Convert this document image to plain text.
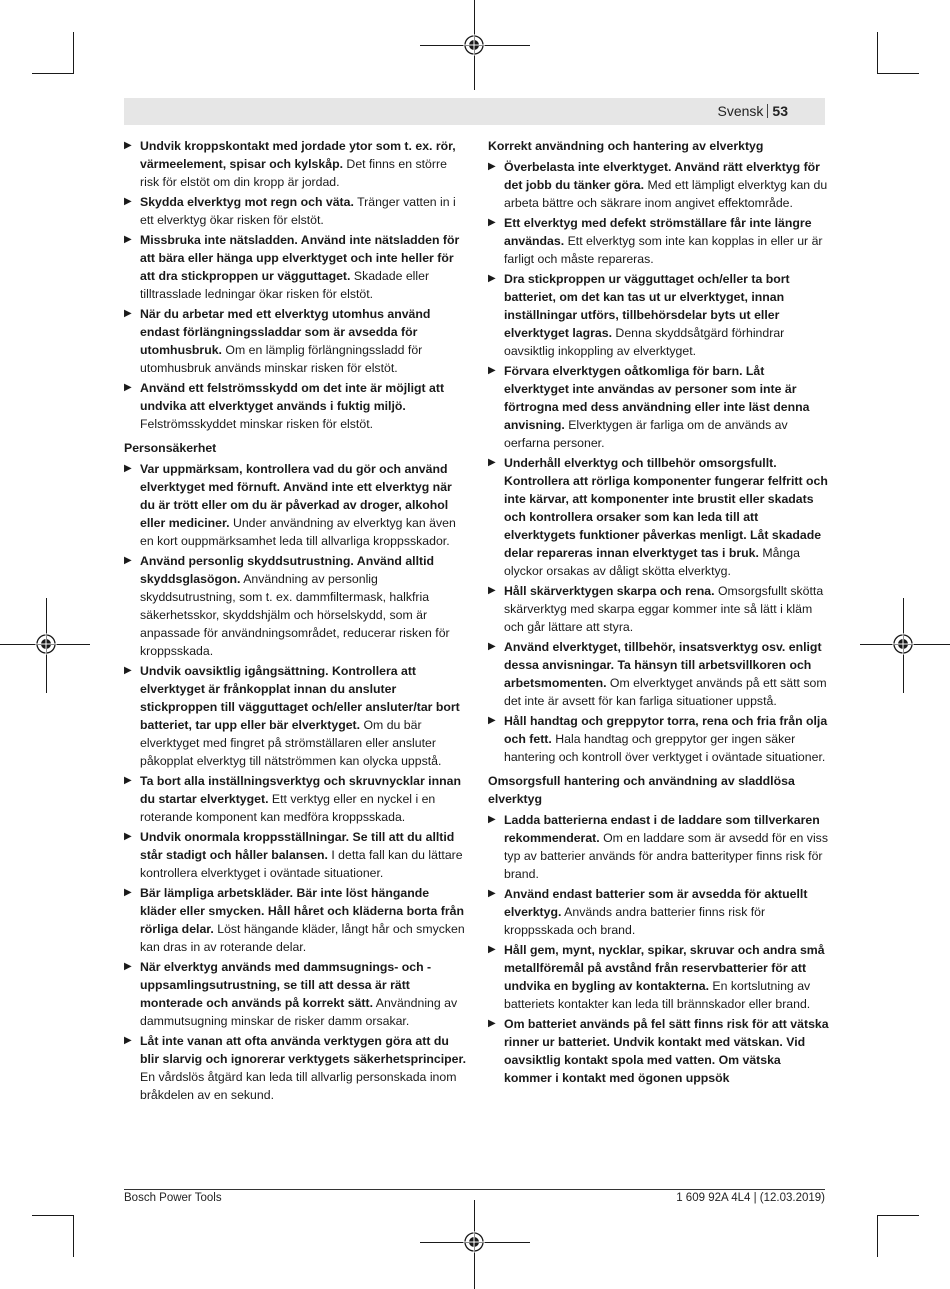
Svensk 53
▶ Undvik kroppskontakt med jordade ytor som t. ex. rör, värmeelement, spisar och kylskåp. Det finns en större risk för elstöt om din kropp är jordad.
▶ Skydda elverktyg mot regn och väta. Tränger vatten in i ett elverktyg ökar risken för elstöt.
▶ Missbruka inte nätsladden. Använd inte nätsladden för att bära eller hänga upp elverktyget och inte heller för att dra stickproppen ur vägguttaget. Skadade eller tilltrasslade ledningar ökar risken för elstöt.
▶ När du arbetar med ett elverktyg utomhus använd endast förlängningssladdar som är avsedda för utomhusbruk. Om en lämplig förlängningssladd för utomhusbruk används minskar risken för elstöt.
▶ Använd ett felströmsskydd om det inte är möjligt att undvika att elverktyget används i fuktig miljö. Felströmsskyddet minskar risken för elstöt.
Personsäkerhet
▶ Var uppmärksam, kontrollera vad du gör och använd elverktyget med förnuft. Använd inte ett elverktyg när du är trött eller om du är påverkad av droger, alkohol eller mediciner. Under användning av elverktyg kan även en kort ouppmärksamhet leda till allvarliga kroppsskador.
▶ Använd personlig skyddsutrustning. Använd alltid skyddsglasögon. Användning av personlig skyddsutrustning, som t. ex. dammfiltermask, halkfria säkerhetsskor, skyddshjälm och hörselskydd, som är anpassade för användningsområdet, reducerar risken för kroppsskada.
▶ Undvik oavsiktlig igångsättning. Kontrollera att elverktyget är frånkopplat innan du ansluter stickproppen till vägguttaget och/eller ansluter/tar bort batteriet, tar upp eller bär elverktyget. Om du bär elverktyget med fingret på strömställaren eller ansluter påkopplat elverktyg till nätströmmen kan olycka uppstå.
▶ Ta bort alla inställningsverktyg och skruvnycklar innan du startar elverktyget. Ett verktyg eller en nyckel i en roterande komponent kan medföra kroppsskada.
▶ Undvik onormala kroppsställningar. Se till att du alltid står stadigt och håller balansen. I detta fall kan du lättare kontrollera elverktyget i oväntade situationer.
▶ Bär lämpliga arbetskläder. Bär inte löst hängande kläder eller smycken. Håll håret och kläderna borta från rörliga delar. Löst hängande kläder, långt hår och smycken kan dras in av roterande delar.
▶ När elverktyg används med dammsugnings- och -uppsamlingsutrustning, se till att dessa är rätt monterade och används på korrekt sätt. Användning av dammutsugning minskar de risker damm orsakar.
▶ Låt inte vanan att ofta använda verktygen göra att du blir slarvig och ignorerar verktygets säkerhetsprinciper. En vårdslös åtgärd kan leda till allvarlig personskada inom bråkdelen av en sekund.
Korrekt användning och hantering av elverktyg
▶ Överbelasta inte elverktyget. Använd rätt elverktyg för det jobb du tänker göra. Med ett lämpligt elverktyg kan du arbeta bättre och säkrare inom angivet effektområde.
▶ Ett elverktyg med defekt strömställare får inte längre användas. Ett elverktyg som inte kan kopplas in eller ur är farligt och måste repareras.
▶ Dra stickproppen ur vägguttaget och/eller ta bort batteriet, om det kan tas ut ur elverktyget, innan inställningar utförs, tillbehörsdelar byts ut eller elverktyget lagras. Denna skyddsåtgärd förhindrar oavsiktlig inkoppling av elverktyget.
▶ Förvara elverktygen oåtkomliga för barn. Låt elverktyget inte användas av personer som inte är förtrogna med dess användning eller inte läst denna anvisning. Elverktygen är farliga om de används av oerfarna personer.
▶ Underhåll elverktyg och tillbehör omsorgsfullt. Kontrollera att rörliga komponenter fungerar felfritt och inte kärvar, att komponenter inte brustit eller skadats och kontrollera orsaker som kan leda till att elverktygets funktioner påverkas menligt. Låt skadade delar repareras innan elverktyget tas i bruk. Många olyckor orsakas av dåligt skötta elverktyg.
▶ Håll skärverktygen skarpa och rena. Omsorgsfullt skötta skärverktyg med skarpa eggar kommer inte så lätt i kläm och går lättare att styra.
▶ Använd elverktyget, tillbehör, insatsverktyg osv. enligt dessa anvisningar. Ta hänsyn till arbetsvillkoren och arbetsmomenten. Om elverktyget används på ett sätt som det inte är avsett för kan farliga situationer uppstå.
▶ Håll handtag och greppytor torra, rena och fria från olja och fett. Hala handtag och greppytor ger ingen säker hantering och kontroll över verktyget i oväntade situationer.
Omsorgsfull hantering och användning av sladdlösa elverktyg
▶ Ladda batterierna endast i de laddare som tillverkaren rekommenderat. Om en laddare som är avsedd för en viss typ av batterier används för andra batterityper finns risk för brand.
▶ Använd endast batterier som är avsedda för aktuellt elverktyg. Används andra batterier finns risk för kroppsskada och brand.
▶ Håll gem, mynt, nycklar, spikar, skruvar och andra små metallföremål på avstånd från reservbatterier för att undvika en bygling av kontakterna. En kortslutning av batteriets kontakter kan leda till brännskador eller brand.
▶ Om batteriet används på fel sätt finns risk för att vätska rinner ur batteriet. Undvik kontakt med vätskan. Vid oavsiktlig kontakt spola med vatten. Om vätska kommer i kontakt med ögonen uppsök
Bosch Power Tools	1 609 92A 4L4 | (12.03.2019)
